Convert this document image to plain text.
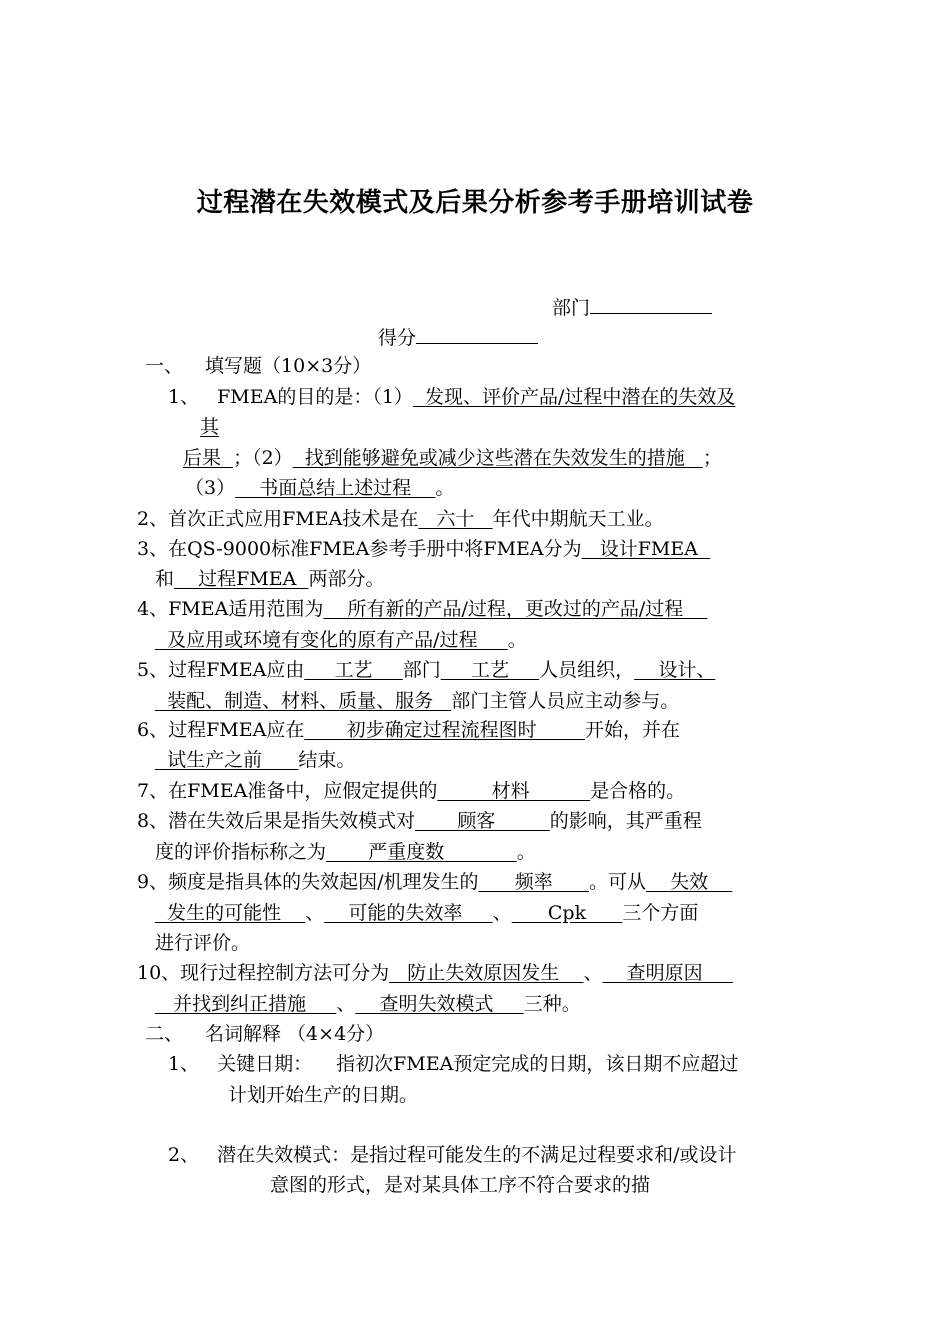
过程潜在失效模式及后果分析参考手册培训试卷
部门
得分
一、 填写题（10×3分）
1、 FMEA的目的是：（1）  发现、评价产品/过程中潜在的失效及
其
后果  ；（2）  找到能够避免或减少这些潜在失效发生的措施   ；
（3）    书面总结上述过程    。
2、首次正式应用FMEA技术是在   六十   年代中期航天工业。
3、在QS-9000标准FMEA参考手册中将FMEA分为   设计FMEA
和    过程FMEA  两部分。
4、FMEA适用范围为    所有新的产品/过程，更改过的产品/过程
及应用或环境有变化的原有产品/过程     。
5、过程FMEA应由     工艺     部门     工艺     人员组织，    设计、
装配、制造、材料、质量、服务   部门主管人员应主动参与。
6、过程FMEA应在       初步确定过程流程图时        开始，并在
试生产之前      结束。
7、在FMEA准备中，应假定提供的         材料          是合格的。
8、潜在失效后果是指失效模式对       顾客         的影响，其严重程
度的评价指标称之为       严重度数            。
9、频度是指具体的失效起因/机理发生的      频率      。可从    失效
发生的可能性    、    可能的失效率     、      Cpk      三个方面
进行评价。
10、现行过程控制方法可分为   防止失效原因发生    、    查明原因
并找到纠正措施     、    查明失效模式     三种。
二、 名词解释 （4×4分）
1、 关键日期： 指初次FMEA预定完成的日期，该日期不应超过
计划开始生产的日期。
2、 潜在失效模式：是指过程可能发生的不满足过程要求和/或设计
意图的形式，是对某具体工序不符合要求的描
